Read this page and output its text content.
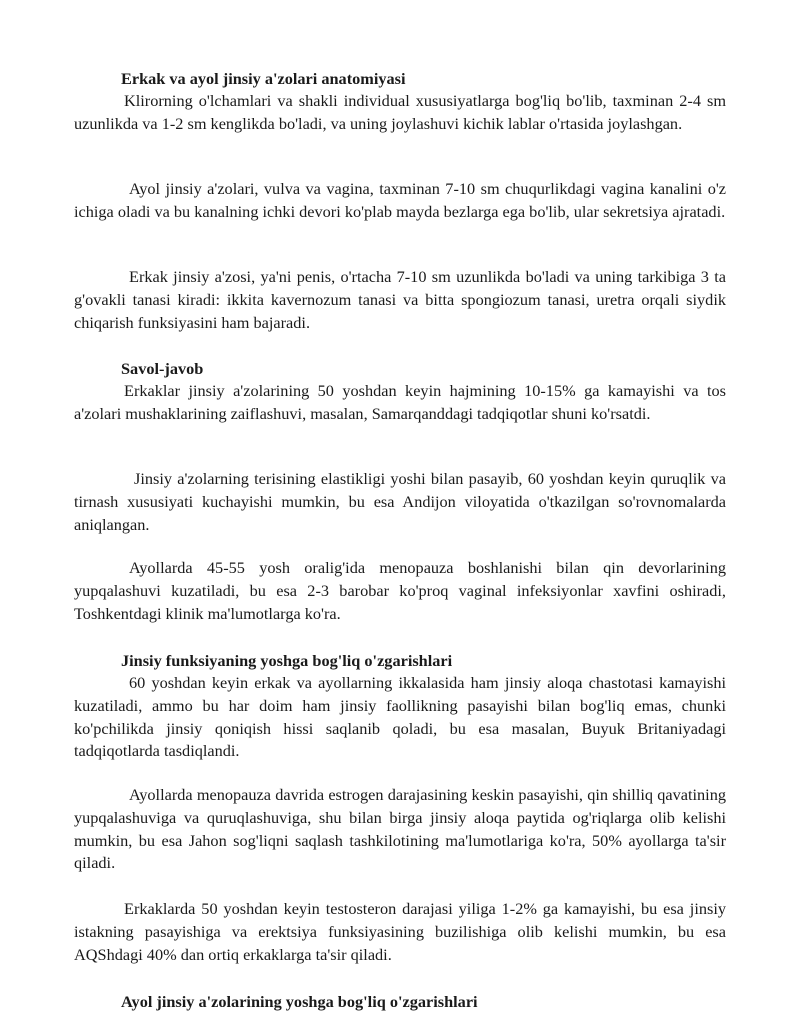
Erkak va ayol jinsiy a'zolari anatomiyasi

Klirorning o'lchamlari va shakli individual xususiyatlarga bog'liq bo'lib, taxminan 2-4 sm uzunlikda va 1-2 sm kenglikda bo'ladi, va uning joylashuvi kichik lablar o'rtasida joylashgan.

Ayol jinsiy a'zolari, vulva va vagina, taxminan 7-10 sm chuqurlikdagi vagina kanalini o'z ichiga oladi va bu kanalning ichki devori ko'plab mayda bezlarga ega bo'lib, ular sekretsiya ajratadi.

Erkak jinsiy a'zosi, ya'ni penis, o'rtacha 7-10 sm uzunlikda bo'ladi va uning tarkibiga 3 ta g'ovakli tanasi kiradi: ikkita kavernozum tanasi va bitta spongiozum tanasi, uretra orqali siydik chiqarish funksiyasini ham bajaradi.

Savol-javob

Erkaklar jinsiy a'zolarining 50 yoshdan keyin hajmining 10-15% ga kamayishi va tos a'zolari mushaklarining zaiflashuvi, masalan, Samarqanddagi tadqiqotlar shuni ko'rsatdi.

Jinsiy a'zolarning terisining elastikligi yoshi bilan pasayib, 60 yoshdan keyin quruqlik va tirnash xususiyati kuchayishi mumkin, bu esa Andijon viloyatida o'tkazilgan so'rovnomalarda aniqlangan.

Ayollarda 45-55 yosh oralig'ida menopauza boshlanishi bilan qin devorlarining yupqalashuvi kuzatiladi, bu esa 2-3 barobar ko'proq vaginal infeksiyonlar xavfini oshiradi, Toshkentdagi klinik ma'lumotlarga ko'ra.

Jinsiy funksiyaning yoshga bog'liq o'zgarishlari

60 yoshdan keyin erkak va ayollarning ikkalasida ham jinsiy aloqa chastotasi kamayishi kuzatiladi, ammo bu har doim ham jinsiy faollikning pasayishi bilan bog'liq emas, chunki ko'pchilikda jinsiy qoniqish hissi saqlanib qoladi, bu esa masalan, Buyuk Britaniyadagi tadqiqotlarda tasdiqlandi.

Ayollarda menopauza davrida estrogen darajasining keskin pasayishi, qin shilliq qavatining yupqalashuviga va quruqlashuviga, shu bilan birga jinsiy aloqa paytida og'riqlarga olib kelishi mumkin, bu esa Jahon sog'liqni saqlash tashkilotining ma'lumotlariga ko'ra, 50% ayollarga ta'sir qiladi.

Erkaklarda 50 yoshdan keyin testosteron darajasi yiliga 1-2% ga kamayishi, bu esa jinsiy istakning pasayishiga va erektsiya funksiyasining buzilishiga olib kelishi mumkin, bu esa AQShdagi 40% dan ortiq erkaklarga ta'sir qiladi.

Ayol jinsiy a'zolarining yoshga bog'liq o'zgarishlari
